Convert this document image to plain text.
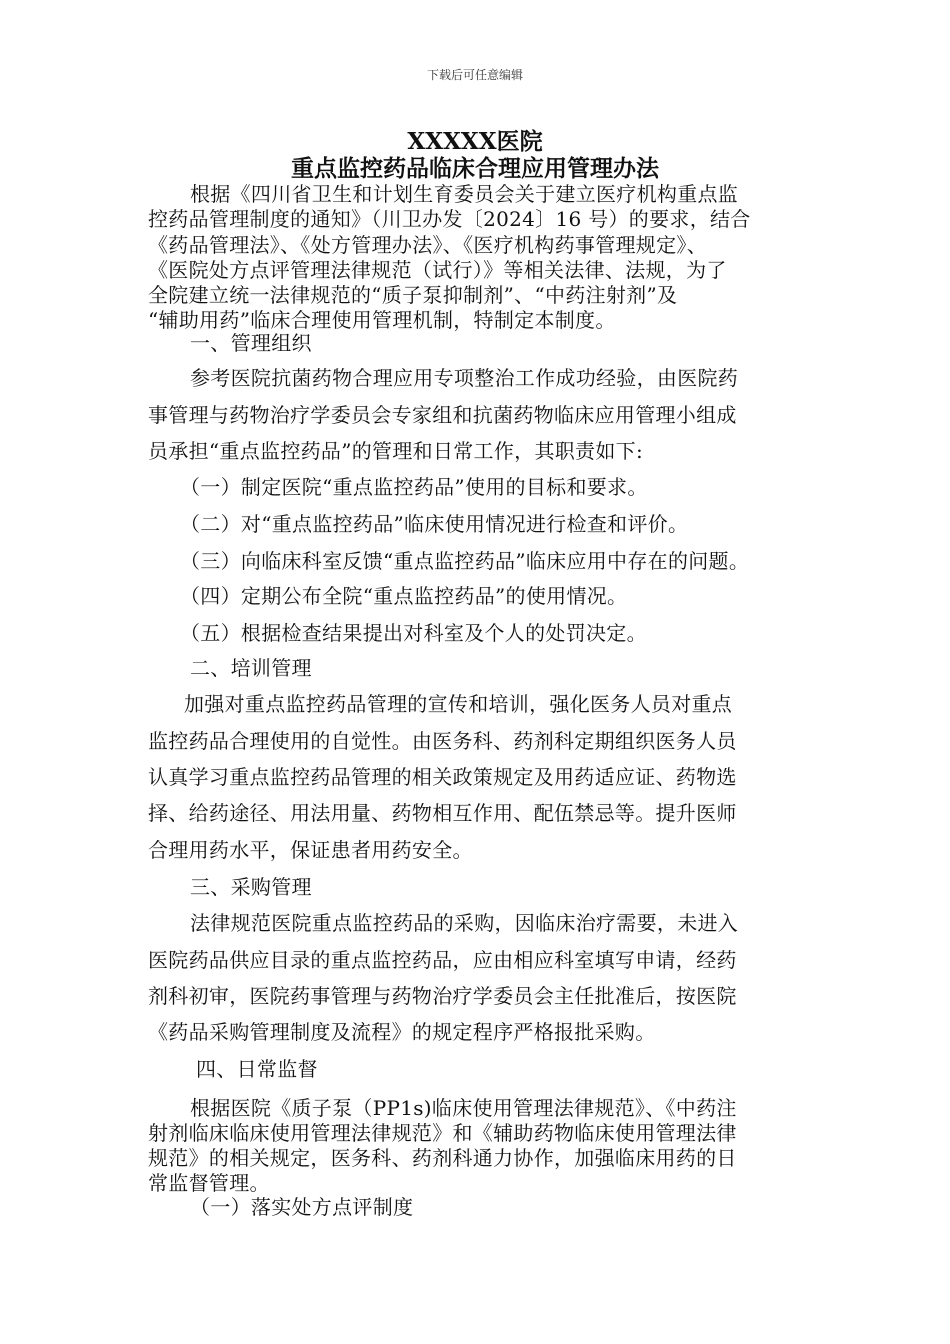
下载后可任意编辑
XXXXX医院
重点监控药品临床合理应用管理办法
根据《四川省卫生和计划生育委员会关于建立医疗机构重点监
控药品管理制度的通知》（川卫办发〔2024〕16 号）的要求，结合
《药品管理法》、《处方管理办法》、《医疗机构药事管理规定》、
《医院处方点评管理法律规范（试行）》等相关法律、法规，为了
全院建立统一法律规范的“质子泵抑制剂”、“中药注射剂”及
“辅助用药”临床合理使用管理机制，特制定本制度。
一、管理组织
参考医院抗菌药物合理应用专项整治工作成功经验，由医院药
事管理与药物治疗学委员会专家组和抗菌药物临床应用管理小组成
员承担“重点监控药品”的管理和日常工作，其职责如下:
（一）制定医院“重点监控药品”使用的目标和要求。
（二）对“重点监控药品”临床使用情况进行检查和评价。
（三）向临床科室反馈“重点监控药品”临床应用中存在的问题。
（四）定期公布全院“重点监控药品”的使用情况。
（五）根据检查结果提出对科室及个人的处罚决定。
二、培训管理
加强对重点监控药品管理的宣传和培训，强化医务人员对重点
监控药品合理使用的自觉性。由医务科、药剂科定期组织医务人员
认真学习重点监控药品管理的相关政策规定及用药适应证、药物选
择、给药途径、用法用量、药物相互作用、配伍禁忌等。提升医师
合理用药水平，保证患者用药安全。
三、采购管理
法律规范医院重点监控药品的采购，因临床治疗需要，未进入
医院药品供应目录的重点监控药品，应由相应科室填写申请，经药
剂科初审，医院药事管理与药物治疗学委员会主任批准后，按医院
《药品采购管理制度及流程》的规定程序严格报批采购。
四、日常监督
根据医院《质子泵（PP1s)临床使用管理法律规范》、《中药注
射剂临床临床使用管理法律规范》和《辅助药物临床使用管理法律
规范》的相关规定，医务科、药剂科通力协作，加强临床用药的日
常监督管理。
（一）落实处方点评制度
